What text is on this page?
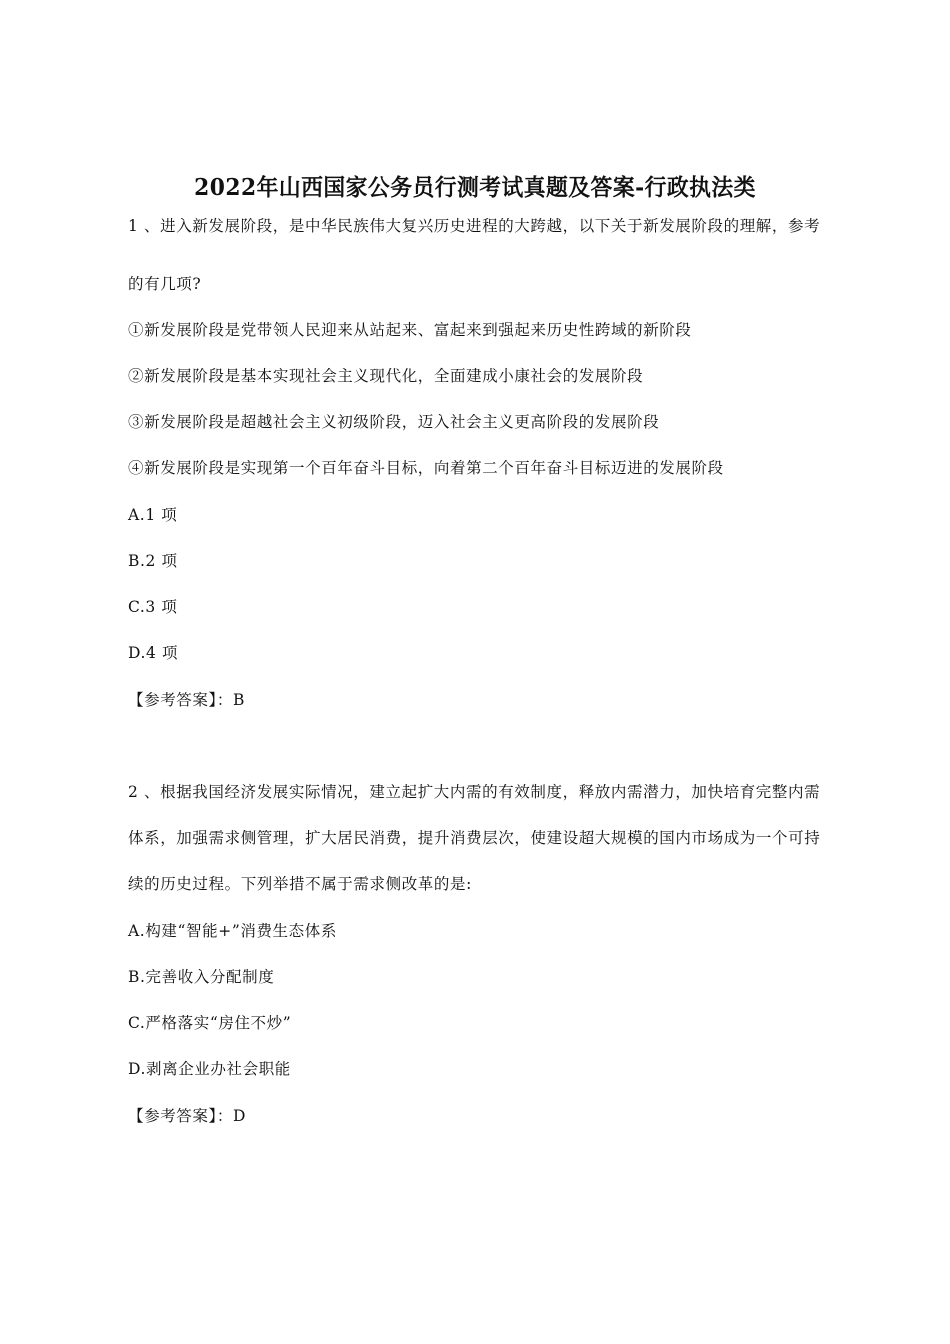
2022年山西国家公务员行测考试真题及答案-行政执法类
1 、进入新发展阶段，是中华民族伟大复兴历史进程的大跨越，以下关于新发展阶段的理解，参考
的有几项?
①新发展阶段是党带领人民迎来从站起来、富起来到强起来历史性跨域的新阶段
②新发展阶段是基本实现社会主义现代化，全面建成小康社会的发展阶段
③新发展阶段是超越社会主义初级阶段，迈入社会主义更高阶段的发展阶段
④新发展阶段是实现第一个百年奋斗目标，向着第二个百年奋斗目标迈进的发展阶段
A.1 项
B.2 项
C.3 项
D.4 项
【参考答案】：B
2 、根据我国经济发展实际情况，建立起扩大内需的有效制度，释放内需潜力，加快培育完整内需
体系，加强需求侧管理，扩大居民消费，提升消费层次，使建设超大规模的国内市场成为一个可持
续的历史过程。下列举措不属于需求侧改革的是:
A.构建“智能+”消费生态体系
B.完善收入分配制度
C.严格落实“房住不炒”
D.剥离企业办社会职能
【参考答案】：D
